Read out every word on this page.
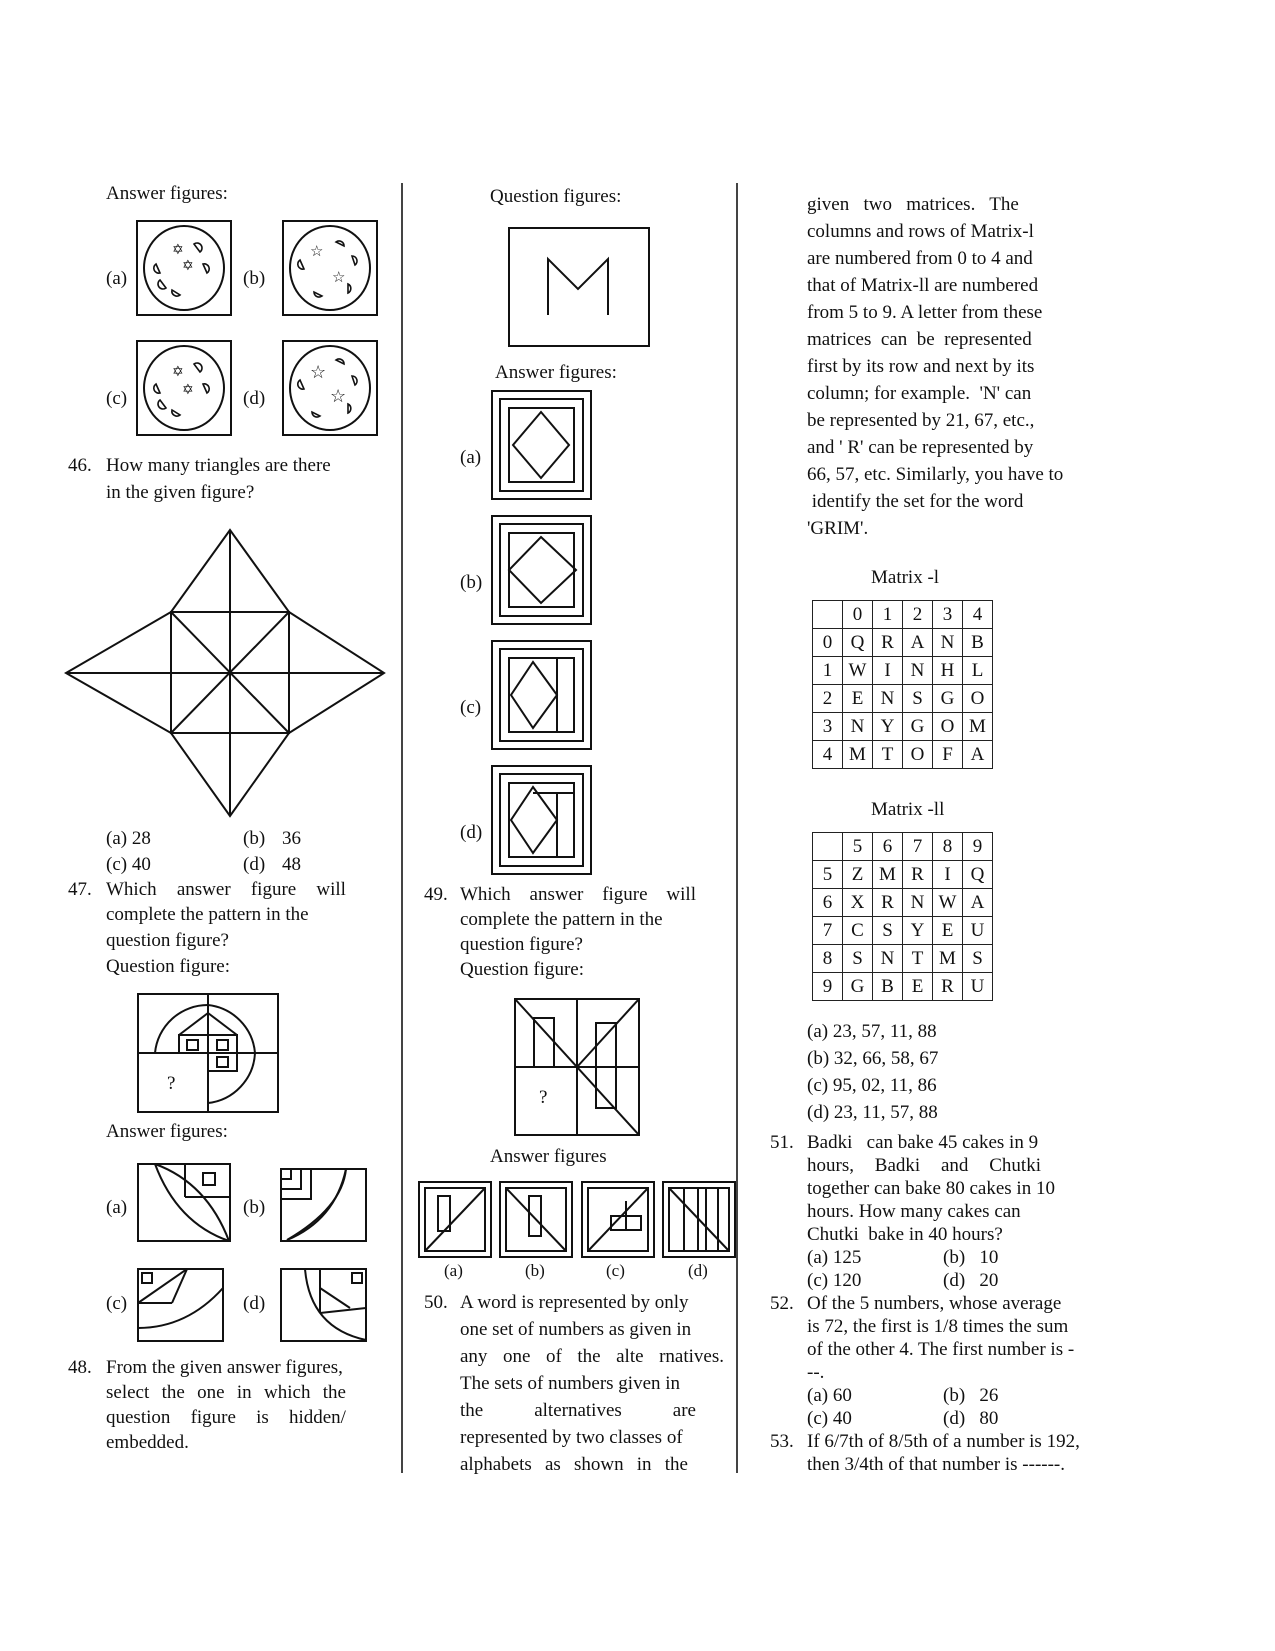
Answer figures:
(a)	(b)
(c)	(d)
✡
✡
☆
☆
✡
✡
☆
☆
46. How many triangles are there
in the given figure?
(a) 28	(b) 36
(c) 40	(d) 48
47. Which answer figure will
complete the pattern in the
question figure?
Question figure:
?
Answer figures:
(a)	(b)
(c)	(d)
48. From the given answer figures,
select the one in which the
question figure is hidden/
embedded.
Question figures:
Answer figures:
(a)
(b)
(c)
(d)
49. Which answer figure will
complete the pattern in the
question figure?
Question figure:
?
Answer figures
(a)	(b)	(c)	(d)
50. A word is represented by only
one set of numbers as given in
any one of the alte rnatives.
The sets of numbers given in
the	alternatives	are
represented by two classes of
alphabets as shown in the
given   two   matrices.   The
columns and rows of Matrix-l
are numbered from 0 to 4 and
that of Matrix-ll are numbered
from 5 to 9. A letter from these
matrices  can  be  represented
first by its row and next by its
column; for example.  'N' can
be represented by 21, 67, etc.,
and ' R' can be represented by
66, 57, etc. Similarly, you have to
identify the set for the word
'GRIM'.
Matrix -l
	0	1	2	3	4
0	Q	R	A	N	B
1	W	I	N	H	L
2	E	N	S	G	O
3	N	Y	G	O	M
4	M	T	O	F	A
Matrix -ll
	5	6	7	8	9
5	Z	M	R	I	Q
6	X	R	N	W	A
7	C	S	Y	E	U
8	S	N	T	M	S
9	G	B	E	R	U
(a) 23, 57, 11, 88
(b) 32, 66, 58, 67
(c) 95, 02, 11, 86
(d) 23, 11, 57, 88
51. Badki   can bake 45 cakes in 9
hours, Badki and Chutki
together can bake 80 cakes in 10
hours. How many cakes can
Chutki  bake in 40 hours?
(a) 125	(b)   10
(c) 120	(d)   20
52. Of the 5 numbers, whose average
is 72, the first is 1/8 times the sum
of the other 4. The first number is -
--.
(a) 60	(b)   26
(c) 40	(d)   80
53. If 6/7th of 8/5th of a number is 192,
then 3/4th of that number is ------.
